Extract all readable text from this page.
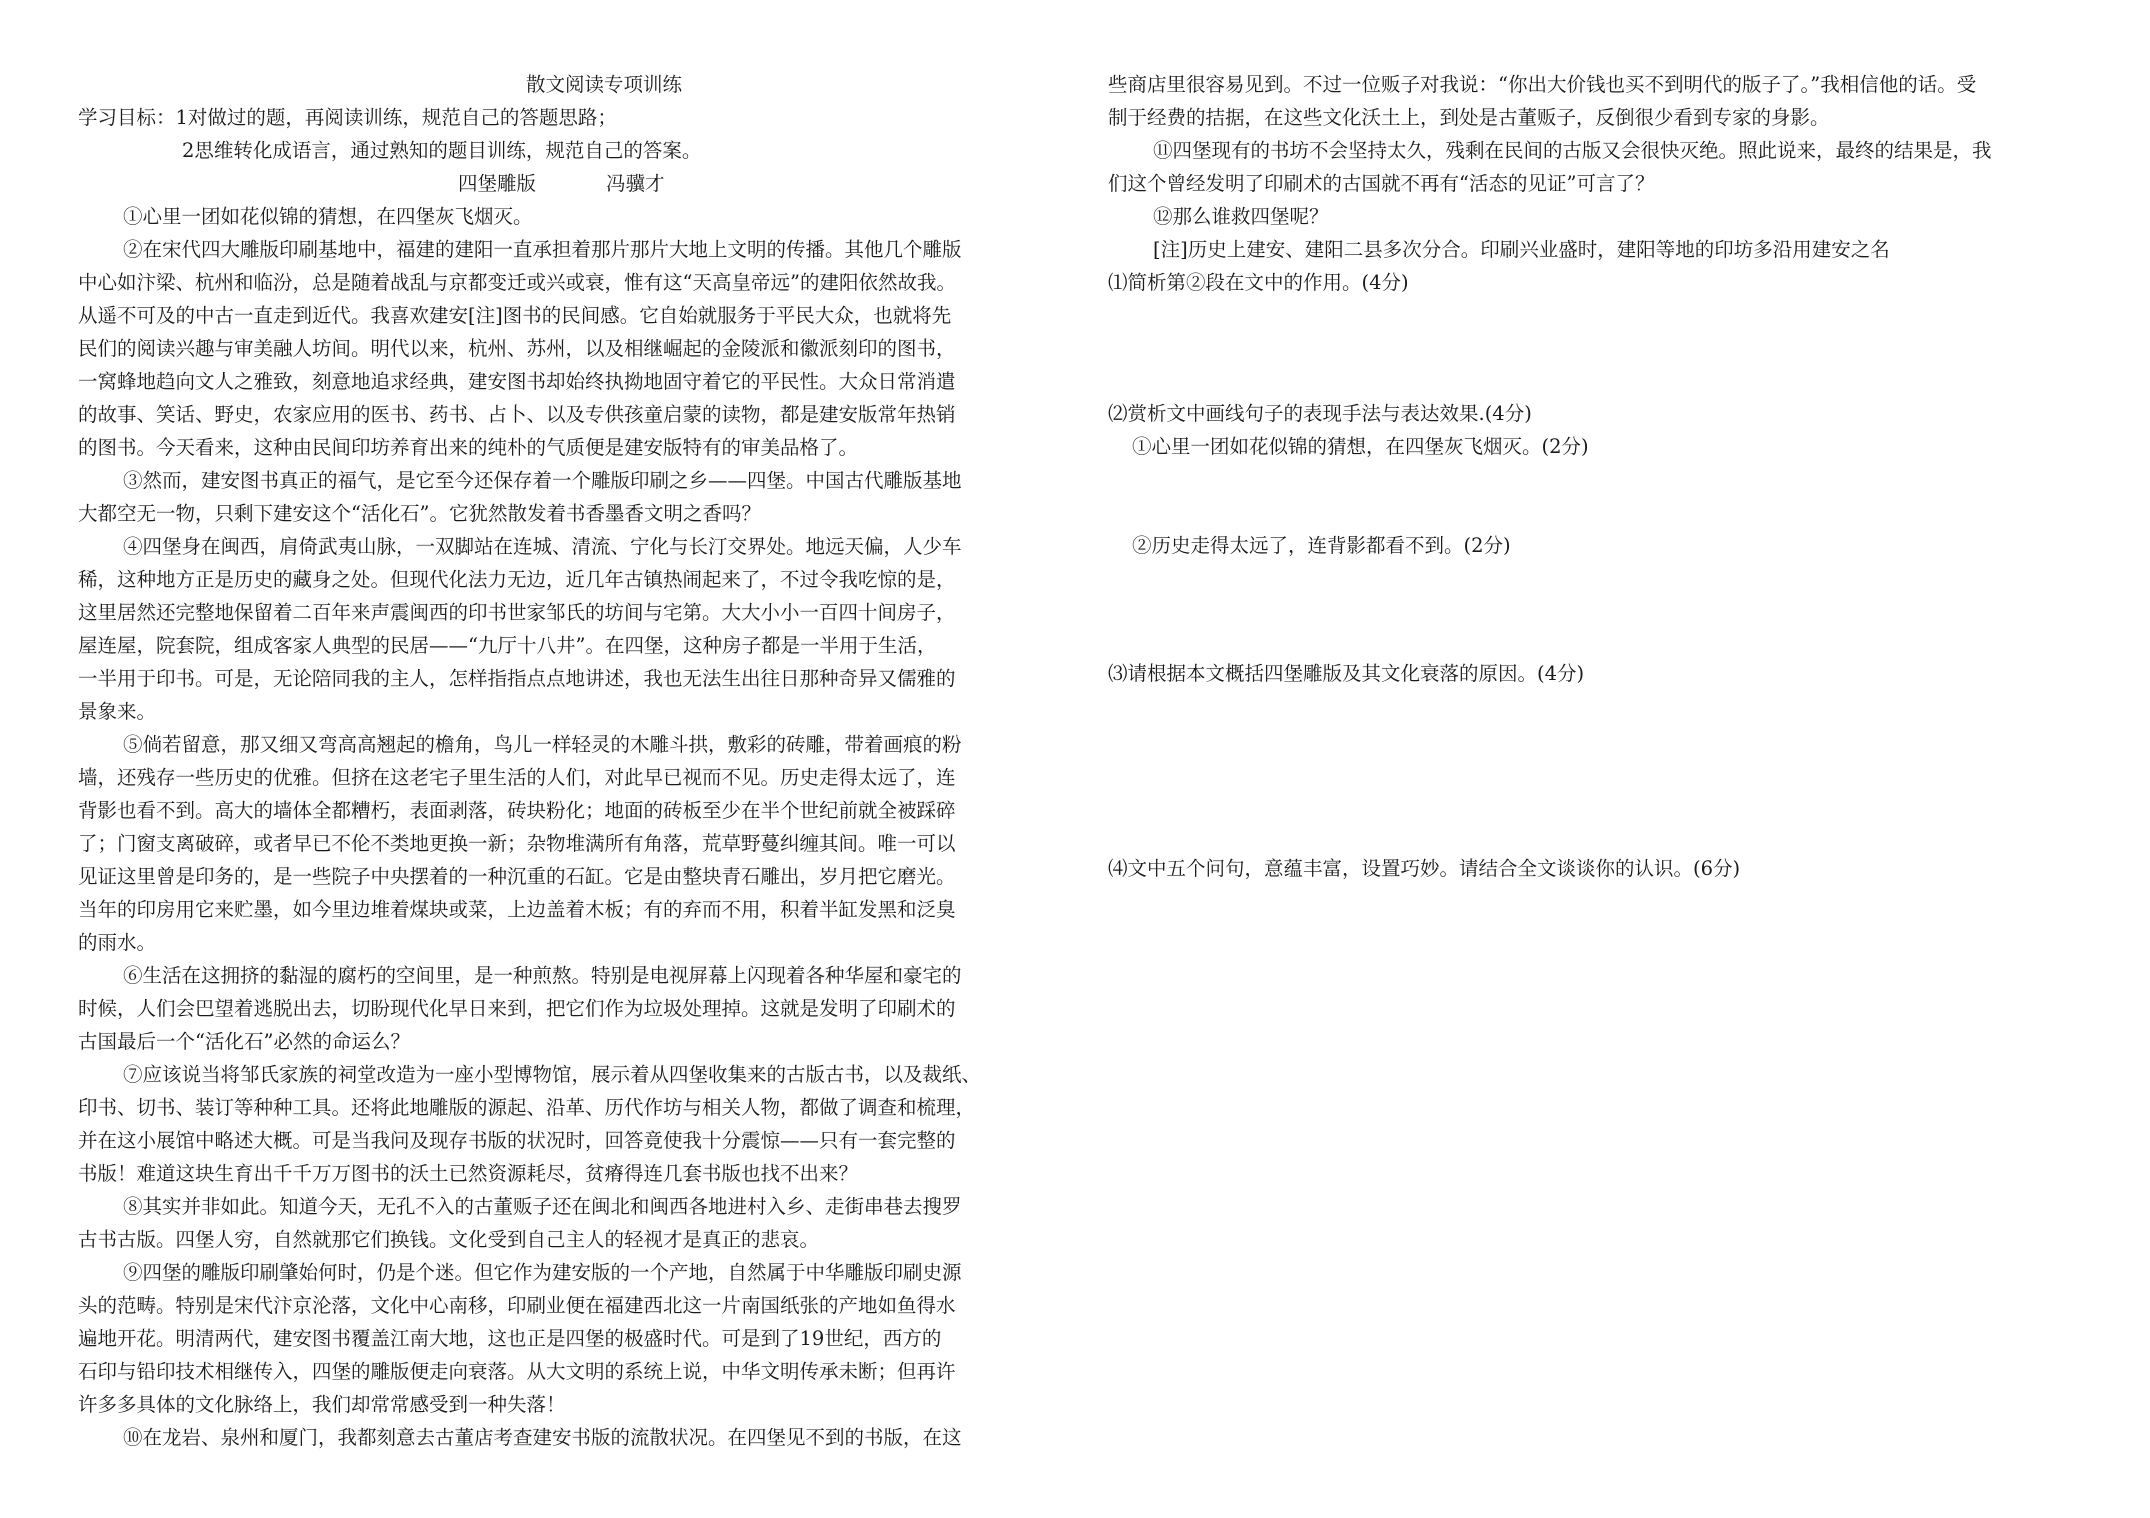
散文阅读专项训练
学习目标：1对做过的题，再阅读训练，规范自己的答题思路；
2思维转化成语言，通过熟知的题目训练，规范自己的答案。
四堡雕版	冯骥才
①心里一团如花似锦的猜想，在四堡灰飞烟灭。
②在宋代四大雕版印刷基地中，福建的建阳一直承担着那片那片大地上文明的传播。其他几个雕版
中心如汴梁、杭州和临汾，总是随着战乱与京都变迁或兴或衰，惟有这“天高皇帝远”的建阳依然故我。
从遥不可及的中古一直走到近代。我喜欢建安[注]图书的民间感。它自始就服务于平民大众，也就将先
民们的阅读兴趣与审美融人坊间。明代以来，杭州、苏州，以及相继崛起的金陵派和徽派刻印的图书，
一窝蜂地趋向文人之雅致，刻意地追求经典，建安图书却始终执拗地固守着它的平民性。大众日常消遣
的故事、笑话、野史，农家应用的医书、药书、占卜、以及专供孩童启蒙的读物，都是建安版常年热销
的图书。今天看来，这种由民间印坊养育出来的纯朴的气质便是建安版特有的审美品格了。
③然而，建安图书真正的福气，是它至今还保存着一个雕版印刷之乡——四堡。中国古代雕版基地
大都空无一物，只剩下建安这个“活化石”。它犹然散发着书香墨香文明之香吗？
④四堡身在闽西，肩倚武夷山脉，一双脚站在连城、清流、宁化与长汀交界处。地远天偏，人少车
稀，这种地方正是历史的藏身之处。但现代化法力无边，近几年古镇热闹起来了，不过令我吃惊的是，
这里居然还完整地保留着二百年来声震闽西的印书世家邹氏的坊间与宅第。大大小小一百四十间房子，
屋连屋，院套院，组成客家人典型的民居——“九厅十八井”。在四堡，这种房子都是一半用于生活，
一半用于印书。可是，无论陪同我的主人，怎样指指点点地讲述，我也无法生出往日那种奇异又儒雅的
景象来。
⑤倘若留意，那又细又弯高高翘起的檐角，鸟儿一样轻灵的木雕斗拱，敷彩的砖雕，带着画痕的粉
墙，还残存一些历史的优雅。但挤在这老宅子里生活的人们，对此早已视而不见。历史走得太远了，连
背影也看不到。高大的墙体全都糟朽，表面剥落，砖块粉化；地面的砖板至少在半个世纪前就全被踩碎
了；门窗支离破碎，或者早已不伦不类地更换一新；杂物堆满所有角落，荒草野蔓纠缠其间。唯一可以
见证这里曾是印务的，是一些院子中央摆着的一种沉重的石缸。它是由整块青石雕出，岁月把它磨光。
当年的印房用它来贮墨，如今里边堆着煤块或菜，上边盖着木板；有的弃而不用，积着半缸发黑和泛臭
的雨水。
⑥生活在这拥挤的黏湿的腐朽的空间里，是一种煎熬。特别是电视屏幕上闪现着各种华屋和豪宅的
时候，人们会巴望着逃脱出去，切盼现代化早日来到，把它们作为垃圾处理掉。这就是发明了印刷术的
古国最后一个“活化石”必然的命运么？
⑦应该说当将邹氏家族的祠堂改造为一座小型博物馆，展示着从四堡收集来的古版古书，以及裁纸、
印书、切书、装订等种种工具。还将此地雕版的源起、沿革、历代作坊与相关人物，都做了调查和梳理，
并在这小展馆中略述大概。可是当我问及现存书版的状况时，回答竟使我十分震惊——只有一套完整的
书版！难道这块生育出千千万万图书的沃土已然资源耗尽，贫瘠得连几套书版也找不出来？
⑧其实并非如此。知道今天，无孔不入的古董贩子还在闽北和闽西各地进村入乡、走街串巷去搜罗
古书古版。四堡人穷，自然就那它们换钱。文化受到自己主人的轻视才是真正的悲哀。
⑨四堡的雕版印刷肇始何时，仍是个迷。但它作为建安版的一个产地，自然属于中华雕版印刷史源
头的范畴。特别是宋代汴京沦落，文化中心南移，印刷业便在福建西北这一片南国纸张的产地如鱼得水
遍地开花。明清两代，建安图书覆盖江南大地，这也正是四堡的极盛时代。可是到了19世纪，西方的
石印与铅印技术相继传入，四堡的雕版便走向衰落。从大文明的系统上说，中华文明传承未断；但再许
许多多具体的文化脉络上，我们却常常感受到一种失落！
⑩在龙岩、泉州和厦门，我都刻意去古董店考查建安书版的流散状况。在四堡见不到的书版，在这
些商店里很容易见到。不过一位贩子对我说：“你出大价钱也买不到明代的版子了。”我相信他的话。受
制于经费的拮据，在这些文化沃土上，到处是古董贩子，反倒很少看到专家的身影。
⑪四堡现有的书坊不会坚持太久，残剩在民间的古版又会很快灭绝。照此说来，最终的结果是，我
们这个曾经发明了印刷术的古国就不再有“活态的见证”可言了？
⑫那么谁救四堡呢？
[注]历史上建安、建阳二县多次分合。印刷兴业盛时，建阳等地的印坊多沿用建安之名
⑴简析第②段在文中的作用。(4分)
⑵赏析文中画线句子的表现手法与表达效果.(4分)
①心里一团如花似锦的猜想，在四堡灰飞烟灭。(2分)
②历史走得太远了，连背影都看不到。(2分)
⑶请根据本文概括四堡雕版及其文化衰落的原因。(4分)
⑷文中五个问句，意蕴丰富，设置巧妙。请结合全文谈谈你的认识。(6分)
